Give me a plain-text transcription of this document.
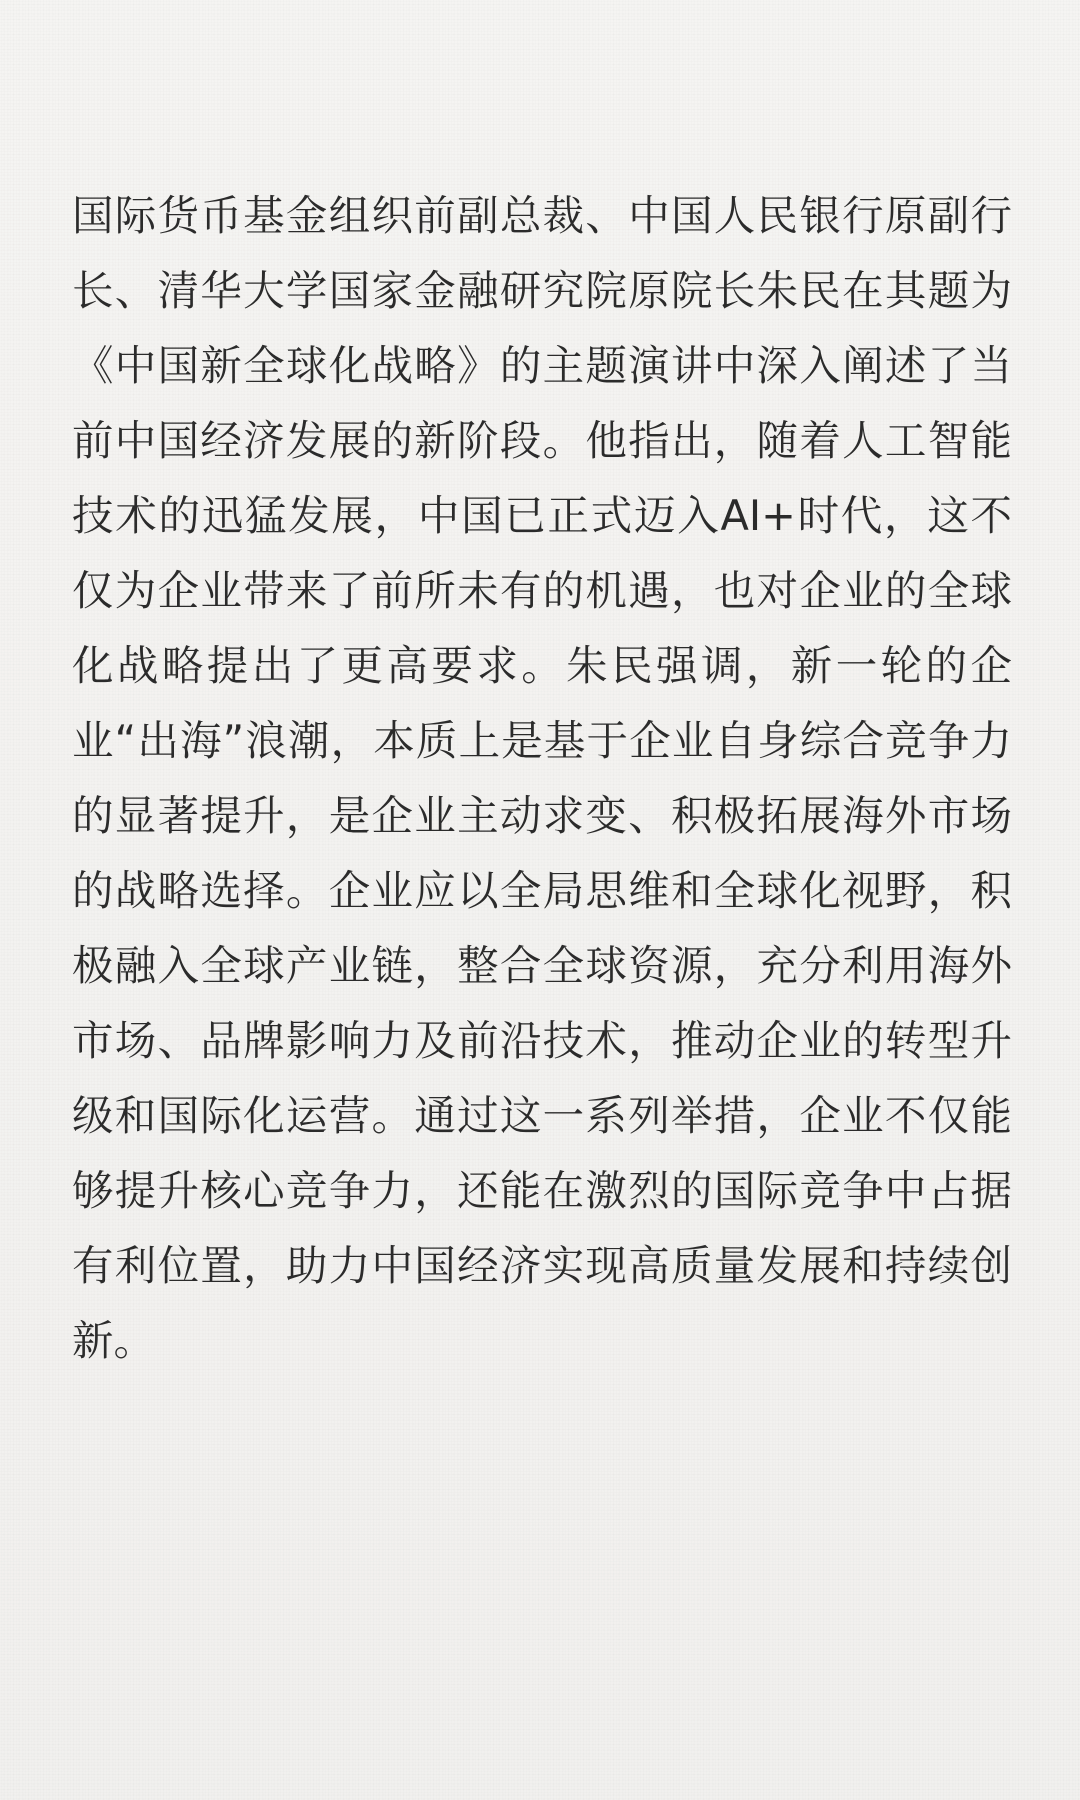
国际货币基金组织前副总裁、中国人民银行原副行长、清华大学国家金融研究院原院长朱民在其题为《中国新全球化战略》的主题演讲中深入阐述了当前中国经济发展的新阶段。他指出，随着人工智能技术的迅猛发展，中国已正式迈入AI+时代，这不仅为企业带来了前所未有的机遇，也对企业的全球化战略提出了更高要求。朱民强调，新一轮的企业“出海”浪潮，本质上是基于企业自身综合竞争力的显著提升，是企业主动求变、积极拓展海外市场的战略选择。企业应以全局思维和全球化视野，积极融入全球产业链，整合全球资源，充分利用海外市场、品牌影响力及前沿技术，推动企业的转型升级和国际化运营。通过这一系列举措，企业不仅能够提升核心竞争力，还能在激烈的国际竞争中占据有利位置，助力中国经济实现高质量发展和持续创新。
